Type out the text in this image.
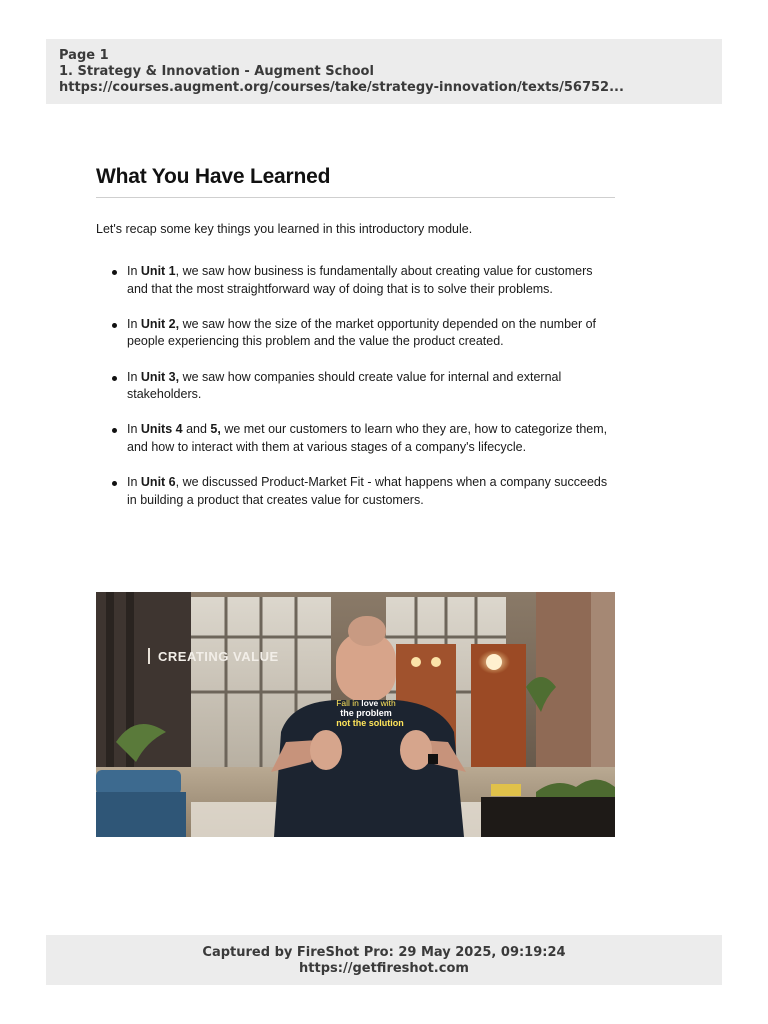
Page 1
1. Strategy & Innovation - Augment School
https://courses.augment.org/courses/take/strategy-innovation/texts/56752...
What You Have Learned

Let's recap some key things you learned in this introductory module.

In Unit 1, we saw how business is fundamentally about creating value for customers and that the most straightforward way of doing that is to solve their problems.
In Unit 2, we saw how the size of the market opportunity depended on the number of people experiencing this problem and the value the product created.
In Unit 3, we saw how companies should create value for internal and external stakeholders.
In Units 4 and 5, we met our customers to learn who they are, how to categorize them, and how to interact with them at various stages of a company's lifecycle.
In Unit 6, we discussed Product-Market Fit - what happens when a company succeeds in building a product that creates value for customers.
Fall in love with
the problem
not the solution
CREATING VALUE
Captured by FireShot Pro: 29 May 2025, 09:19:24
https://getfireshot.com
